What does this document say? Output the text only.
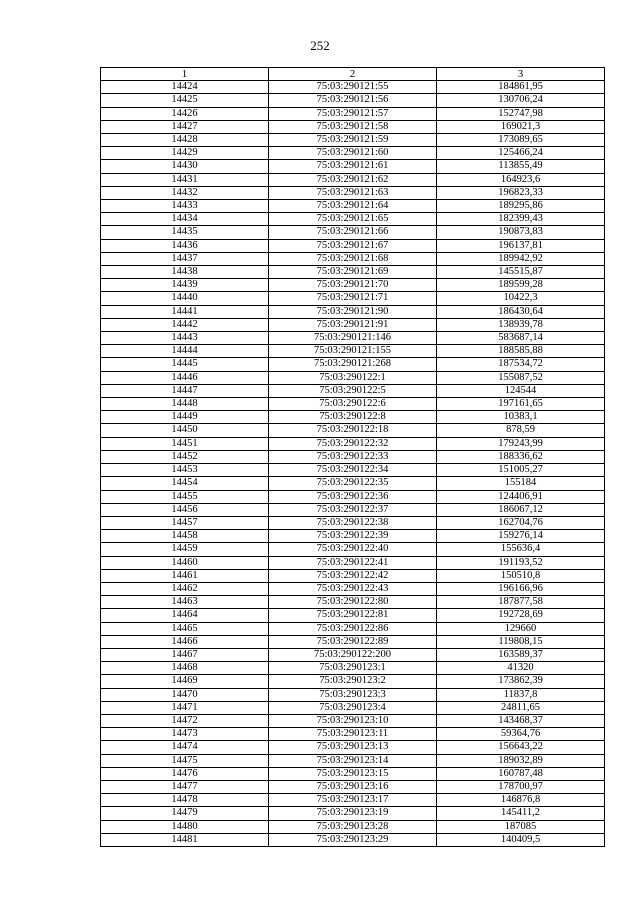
252
1	2	3
14424	75:03:290121:55	184861,95
14425	75:03:290121:56	130706,24
14426	75:03:290121:57	152747,98
14427	75:03:290121:58	169021,3
14428	75:03:290121:59	173089,65
14429	75:03:290121:60	125466,24
14430	75:03:290121:61	113855,49
14431	75:03:290121:62	164923,6
14432	75:03:290121:63	196823,33
14433	75:03:290121:64	189295,86
14434	75:03:290121:65	182399,43
14435	75:03:290121:66	190873,83
14436	75:03:290121:67	196137,81
14437	75:03:290121:68	189942,92
14438	75:03:290121:69	145515,87
14439	75:03:290121:70	189599,28
14440	75:03:290121:71	10422,3
14441	75:03:290121:90	186430,64
14442	75:03:290121:91	138939,78
14443	75:03:290121:146	583687,14
14444	75:03:290121:155	188585,88
14445	75:03:290121:268	187534,72
14446	75:03:290122:1	155087,52
14447	75:03:290122:5	124544
14448	75:03:290122:6	197161,65
14449	75:03:290122:8	10383,1
14450	75:03:290122:18	878,59
14451	75:03:290122:32	179243,99
14452	75:03:290122:33	188336,62
14453	75:03:290122:34	151005,27
14454	75:03:290122:35	155184
14455	75:03:290122:36	124406,91
14456	75:03:290122:37	186067,12
14457	75:03:290122:38	162704,76
14458	75:03:290122:39	159276,14
14459	75:03:290122:40	155636,4
14460	75:03:290122:41	191193,52
14461	75:03:290122:42	150510,8
14462	75:03:290122:43	196166,96
14463	75:03:290122:80	187877,58
14464	75:03:290122:81	192728,69
14465	75:03:290122:86	129660
14466	75:03:290122:89	119808,15
14467	75:03:290122:200	163589,37
14468	75:03:290123:1	41320
14469	75:03:290123:2	173862,39
14470	75:03:290123:3	11837,8
14471	75:03:290123:4	24811,65
14472	75:03:290123:10	143468,37
14473	75:03:290123:11	59364,76
14474	75:03:290123:13	156643,22
14475	75:03:290123:14	189032,89
14476	75:03:290123:15	160787,48
14477	75:03:290123:16	178700,97
14478	75:03:290123:17	146876,8
14479	75:03:290123:19	145411,2
14480	75:03:290123:28	187085
14481	75:03:290123:29	140409,5
